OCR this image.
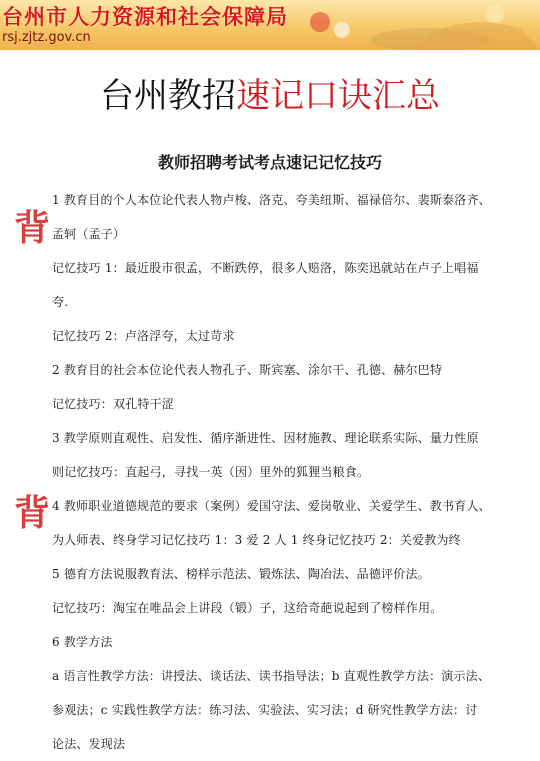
台州市人力资源和社会保障局
rsj.zjtz.gov.cn
台州教招速记口诀汇总
教师招聘考试考点速记记忆技巧
背
背
1 教育目的个人本位论代表人物卢梭、洛克、夸美纽斯、福禄倍尔、裴斯泰洛齐、
孟轲（孟子）
记忆技巧 1：最近股市很孟，不断跌停，很多人赔洛，陈奕迅就站在卢子上唱福
夸.
记忆技巧 2：卢洛浮夸，太过苛求
2 教育目的社会本位论代表人物孔子、斯宾塞、涂尔干、孔德、赫尔巴特
记忆技巧：双孔特干涩
3 教学原则直观性、启发性、循序渐进性、因材施教、理论联系实际、量力性原
则记忆技巧：直起弓，寻找一英（因）里外的狐狸当粮食。
4 教师职业道德规范的要求（案例）爱国守法、爱岗敬业、关爱学生、教书育人、
为人师表、终身学习记忆技巧 1：3 爱 2 人 1 终身记忆技巧 2：关爱教为终
5 德育方法说服教育法、榜样示范法、锻炼法、陶冶法、品德评价法。
记忆技巧：淘宝在唯品会上讲段（锻）子，这给奇葩说起到了榜样作用。
6 教学方法
a 语言性教学方法：讲授法、谈话法、读书指导法；b 直观性教学方法：演示法、
参观法；c 实践性教学方法：练习法、实验法、实习法；d 研究性教学方法：讨
论法、发现法
